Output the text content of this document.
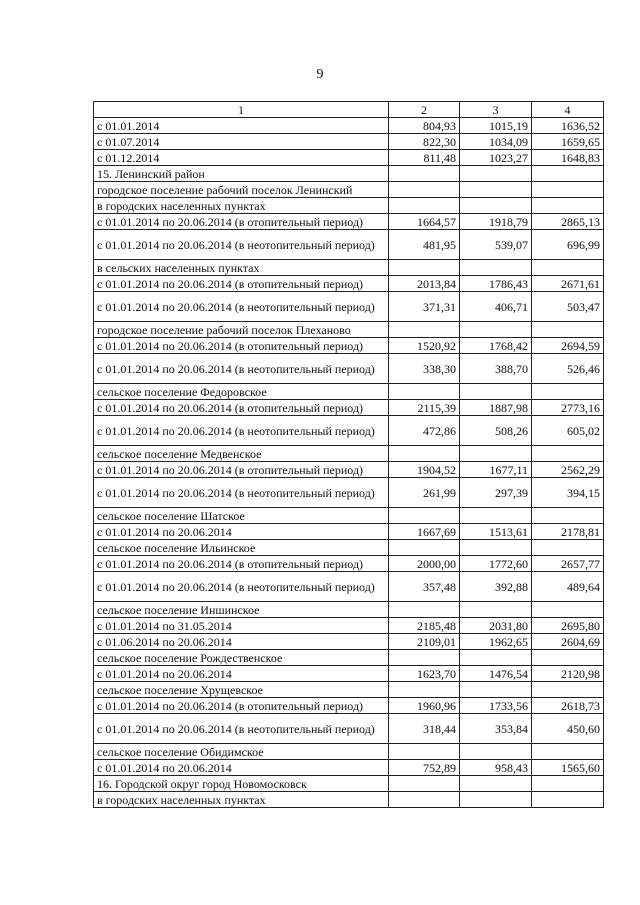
9
1	2	3	4
с 01.01.2014	804,93	1015,19	1636,52
с 01.07.2014	822,30	1034,09	1659,65
с 01.12.2014	811,48	1023,27	1648,83
15. Ленинский район			
городское поселение рабочий поселок Ленинский			
в городских населенных пунктах			
с 01.01.2014 по 20.06.2014 (в отопительный период)	1664,57	1918,79	2865,13
с 01.01.2014 по 20.06.2014 (в неотопительный период)	481,95	539,07	696,99
в сельских населенных пунктах			
с 01.01.2014 по 20.06.2014 (в отопительный период)	2013,84	1786,43	2671,61
с 01.01.2014 по 20.06.2014 (в неотопительный период)	371,31	406,71	503,47
городское поселение рабочий поселок Плеханово			
с 01.01.2014 по 20.06.2014 (в отопительный период)	1520,92	1768,42	2694,59
с 01.01.2014 по 20.06.2014 (в неотопительный период)	338,30	388,70	526,46
сельское поселение Федоровское			
с 01.01.2014 по 20.06.2014 (в отопительный период)	2115,39	1887,98	2773,16
с 01.01.2014 по 20.06.2014 (в неотопительный период)	472,86	508,26	605,02
сельское поселение Медвенское			
с 01.01.2014 по 20.06.2014 (в отопительный период)	1904,52	1677,11	2562,29
с 01.01.2014 по 20.06.2014 (в неотопительный период)	261,99	297,39	394,15
сельское поселение Шатское			
с 01.01.2014 по 20.06.2014	1667,69	1513,61	2178,81
сельское поселение Ильинское			
с 01.01.2014 по 20.06.2014 (в отопительный период)	2000,00	1772,60	2657,77
с 01.01.2014 по 20.06.2014 (в неотопительный период)	357,48	392,88	489,64
сельское поселение Иншинское			
с 01.01.2014 по 31.05.2014	2185,48	2031,80	2695,80
с 01.06.2014 по 20.06.2014	2109,01	1962,65	2604,69
сельское поселение Рождественское			
с 01.01.2014 по 20.06.2014	1623,70	1476,54	2120,98
сельское поселение Хрущевское			
с 01.01.2014 по 20.06.2014 (в отопительный период)	1960,96	1733,56	2618,73
с 01.01.2014 по 20.06.2014 (в неотопительный период)	318,44	353,84	450,60
сельское поселение Обидимское			
с 01.01.2014 по 20.06.2014	752,89	958,43	1565,60
16. Городской округ город Новомосковск			
в городских населенных пунктах			
